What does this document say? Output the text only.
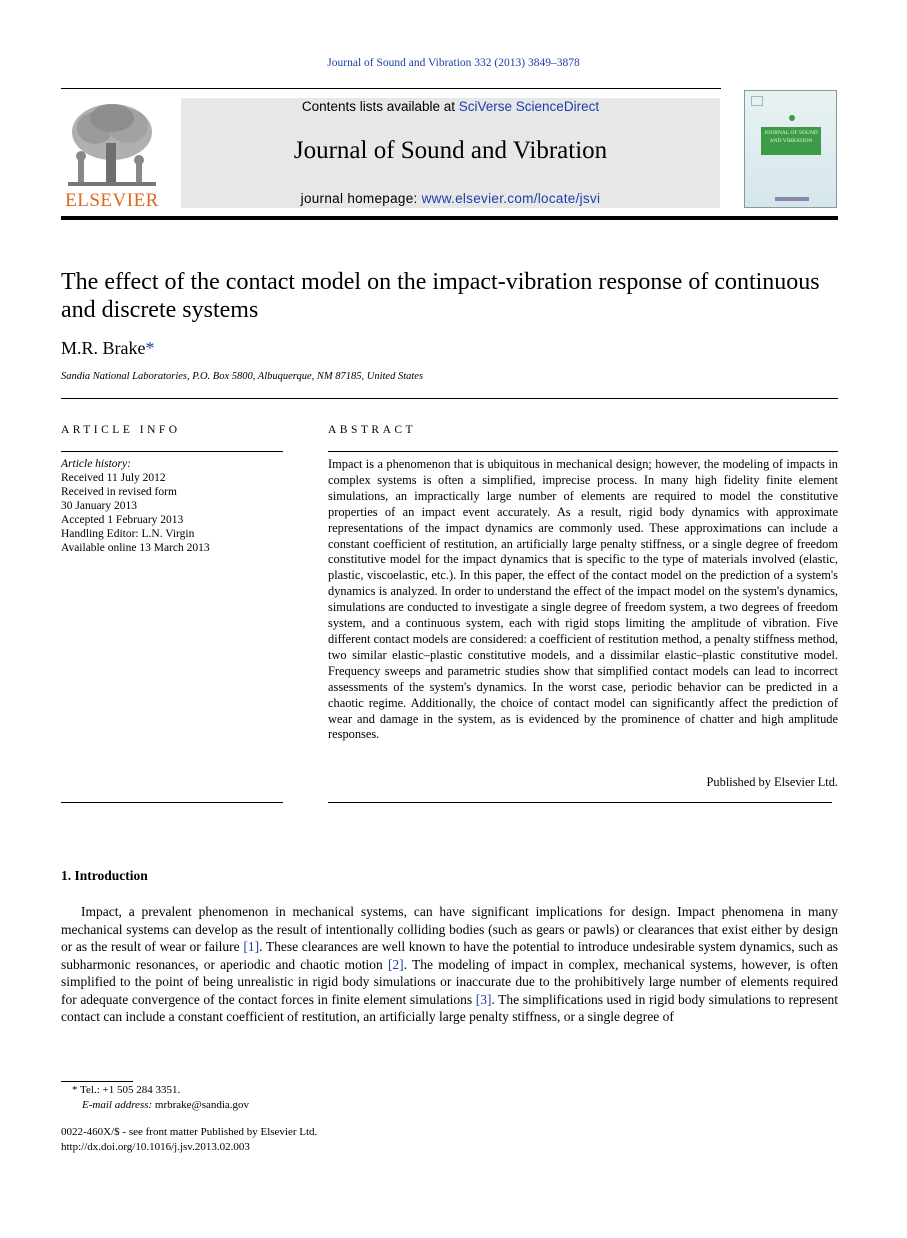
Journal of Sound and Vibration 332 (2013) 3849–3878
ELSEVIER
Contents lists available at SciVerse ScienceDirect
Journal of Sound and Vibration
journal homepage: www.elsevier.com/locate/jsvi
JOURNAL OF SOUND AND VIBRATION
The effect of the contact model on the impact-vibration response of continuous and discrete systems
M.R. Brake*
Sandia National Laboratories, P.O. Box 5800, Albuquerque, NM 87185, United States
ARTICLE INFO	ABSTRACT
Article history:
Received 11 July 2012
Received in revised form
30 January 2013
Accepted 1 February 2013
Handling Editor: L.N. Virgin
Available online 13 March 2013

Impact is a phenomenon that is ubiquitous in mechanical design; however, the modeling of impacts in complex systems is often a simplified, imprecise process. In many high fidelity finite element simulations, an impractically large number of elements are required to model the constitutive properties of an impact event accurately. As a result, rigid body dynamics with approximate representations of the impact dynamics are commonly used. These approximations can include a constant coefficient of restitution, an artificially large penalty stiffness, or a single degree of freedom constitutive model for the impact dynamics that is specific to the type of materials involved (elastic, plastic, viscoelastic, etc.). In this paper, the effect of the contact model on the prediction of a system's dynamics is analyzed. In order to understand the effect of the impact model on the system's dynamics, simulations are conducted to investigate a single degree of freedom system, a two degrees of freedom system, and a continuous system, each with rigid stops limiting the amplitude of vibration. Five different contact models are considered: a coefficient of restitution method, a penalty stiffness method, two similar elastic–plastic constitutive models, and a dissimilar elastic–plastic constitutive model. Frequency sweeps and parametric studies show that simplified contact models can lead to incorrect assessments of the system's dynamics. In the worst case, periodic behavior can be predicted in a chaotic regime. Additionally, the choice of contact model can significantly affect the prediction of wear and damage in the system, as is evidenced by the prominence of chatter and high amplitude responses.

Published by Elsevier Ltd.
1. Introduction

Impact, a prevalent phenomenon in mechanical systems, can have significant implications for design. Impact phenomena in many mechanical systems can develop as the result of intentionally colliding bodies (such as gears or pawls) or clearances that exist either by design or as the result of wear or failure [1]. These clearances are well known to have the potential to introduce undesirable system dynamics, such as subharmonic resonances, or aperiodic and chaotic motion [2]. The modeling of impact in complex, mechanical systems, however, is often simplified to the point of being unrealistic in rigid body simulations or inaccurate due to the prohibitively large number of elements required for adequate convergence of the contact forces in finite element simulations [3]. The simplifications used in rigid body simulations to represent contact can include a constant coefficient of restitution, an artificially large penalty stiffness, or a single degree of

* Tel.: +1 505 284 3351.
E-mail address: mrbrake@sandia.gov
0022-460X/$ - see front matter Published by Elsevier Ltd.
http://dx.doi.org/10.1016/j.jsv.2013.02.003
